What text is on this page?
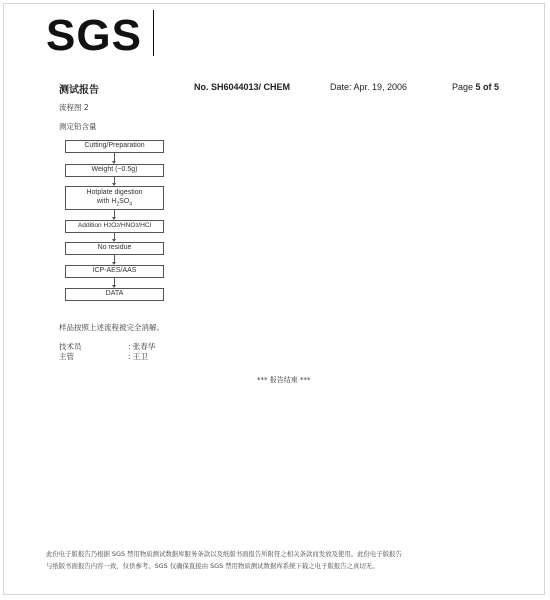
SGS
测试报告	No. SH6044013/ CHEM	Date: Apr. 19, 2006	Page 5 of 5
流程图 2
测定铅含量
Cutting/Preparation
Weight (~0.5g)
Hotplate digestion
with $H_2SO_4$
Addition H 2 O 2 /HNO 3 /HCl
No residue
ICP-AES/AAS
DATA
样品按照上述流程被完全消解。
技术员	: 张春华
主管	: 王卫
*** 报告结束 ***
此份电子版报告乃根据 SGS 禁用物质测试数据库服务条款以及纸版书面报告所附符之相关条款而发放及使用。此份电子版报告
与纸版书面报告内容一致，仅供参考。SGS 仅确保直接由 SGS 禁用物质测试数据库系统下载之电子版报告之真切无。
